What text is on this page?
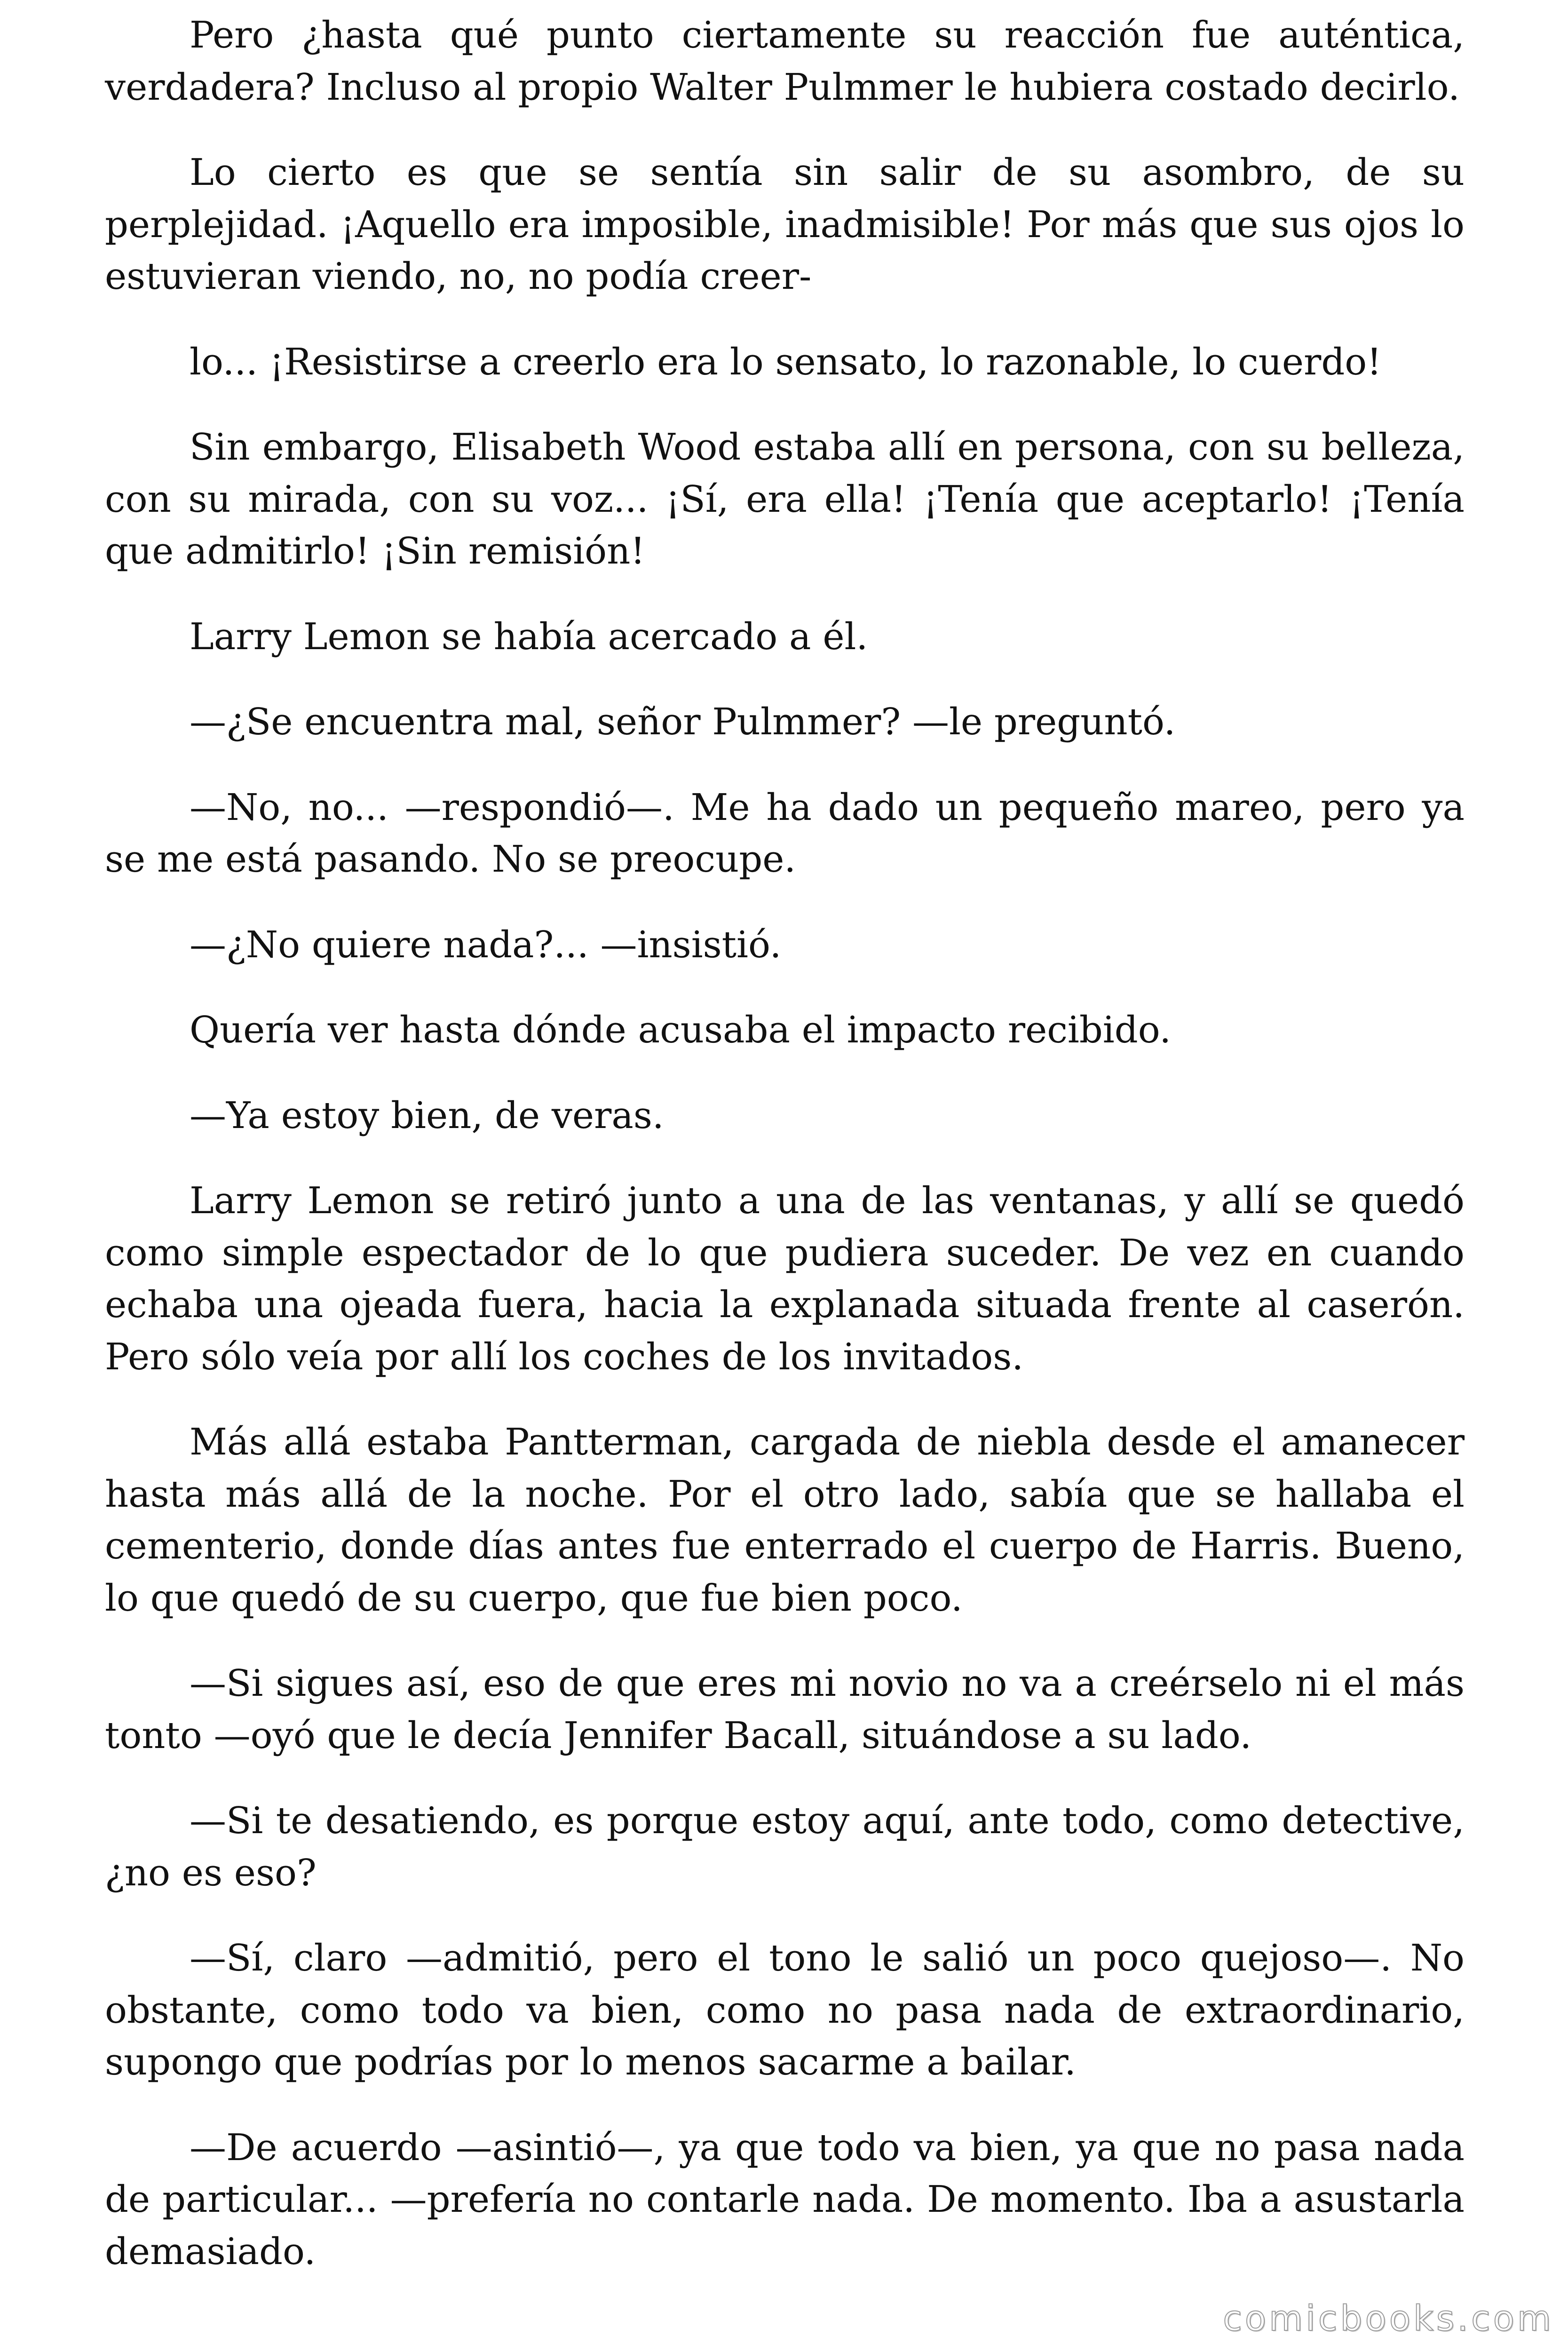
Pero ¿hasta qué punto ciertamente su reacción fue auténtica, verdadera? Incluso al propio Walter Pulmmer le hubiera costado decirlo.

Lo cierto es que se sentía sin salir de su asombro, de su perplejidad. ¡Aquello era imposible, inadmisible! Por más que sus ojos lo estuvieran viendo, no, no podía creer-

lo... ¡Resistirse a creerlo era lo sensato, lo razonable, lo cuerdo!

Sin embargo, Elisabeth Wood estaba allí en persona, con su belleza, con su mirada, con su voz... ¡Sí, era ella! ¡Tenía que aceptarlo! ¡Tenía que admitirlo! ¡Sin remisión!

Larry Lemon se había acercado a él.

—¿Se encuentra mal, señor Pulmmer? —le preguntó.

—No, no... —respondió—. Me ha dado un pequeño mareo, pero ya se me está pasando. No se preocupe.

—¿No quiere nada?... —insistió.

Quería ver hasta dónde acusaba el impacto recibido.

—Ya estoy bien, de veras.

Larry Lemon se retiró junto a una de las ventanas, y allí se quedó como simple espectador de lo que pudiera suceder. De vez en cuando echaba una ojeada fuera, hacia la explanada situada frente al caserón. Pero sólo veía por allí los coches de los invitados.

Más allá estaba Pantterman, cargada de niebla desde el amanecer hasta más allá de la noche. Por el otro lado, sabía que se hallaba el cementerio, donde días antes fue enterrado el cuerpo de Harris. Bueno, lo que quedó de su cuerpo, que fue bien poco.

—Si sigues así, eso de que eres mi novio no va a creérselo ni el más tonto —oyó que le decía Jennifer Bacall, situándose a su lado.

—Si te desatiendo, es porque estoy aquí, ante todo, como detective, ¿no es eso?

—Sí, claro —admitió, pero el tono le salió un poco quejoso—. No obstante, como todo va bien, como no pasa nada de extraordinario, supongo que podrías por lo menos sacarme a bailar.

—De acuerdo —asintió—, ya que todo va bien, ya que no pasa nada de particular... —prefería no contarle nada. De momento. Iba a asustarla demasiado.

comicbooks.com
